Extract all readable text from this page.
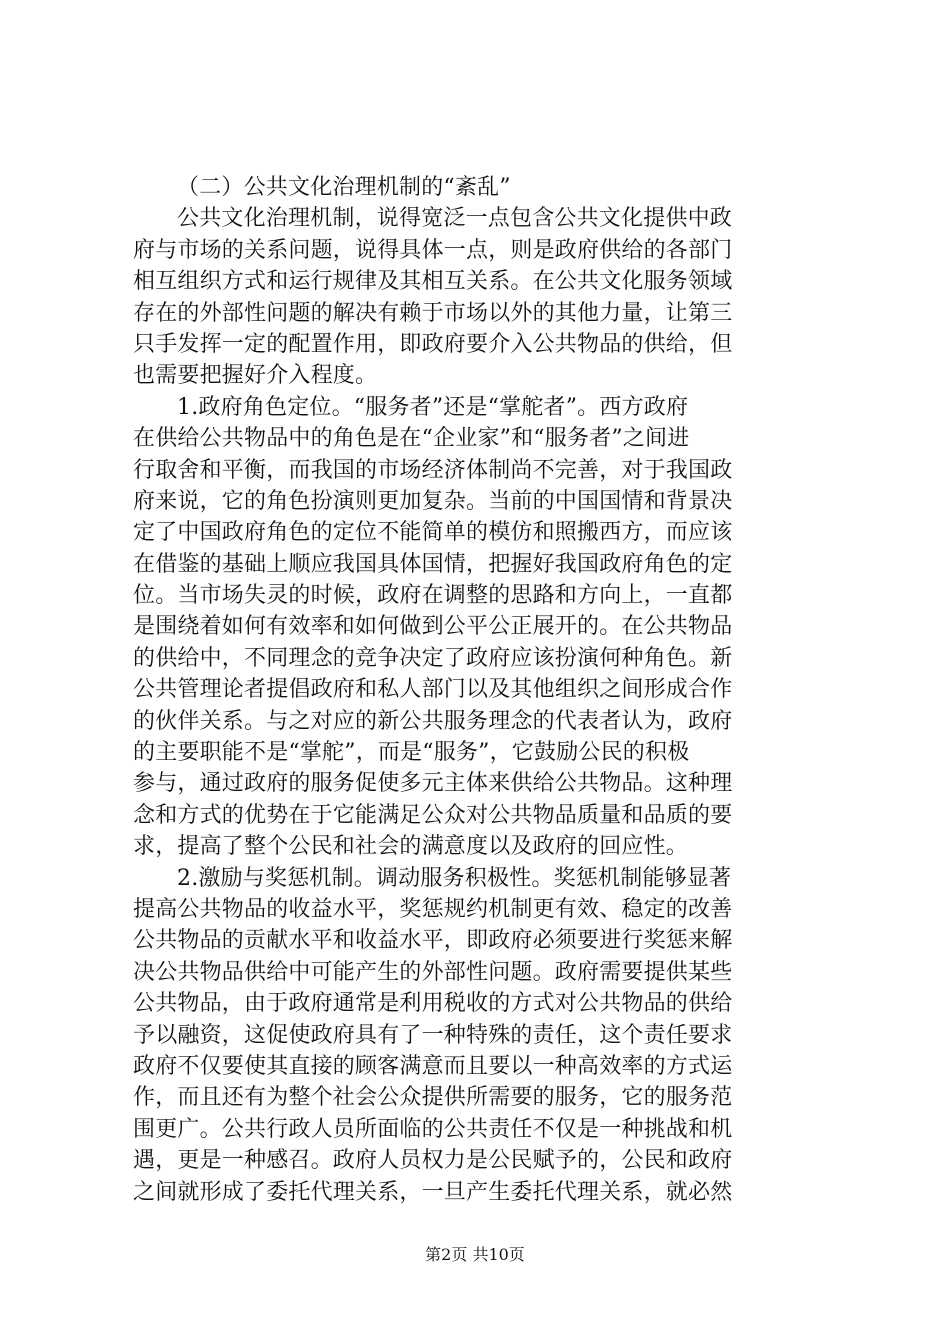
（二）公共文化治理机制的“紊乱”
公共文化治理机制，说得宽泛一点包含公共文化提供中政
府与市场的关系问题，说得具体一点，则是政府供给的各部门
相互组织方式和运行规律及其相互关系。在公共文化服务领域
存在的外部性问题的解决有赖于市场以外的其他力量，让第三
只手发挥一定的配置作用，即政府要介入公共物品的供给，但
也需要把握好介入程度。
1.政府角色定位。“服务者”还是“掌舵者”。西方政府
在供给公共物品中的角色是在“企业家”和“服务者”之间进
行取舍和平衡，而我国的市场经济体制尚不完善，对于我国政
府来说，它的角色扮演则更加复杂。当前的中国国情和背景决
定了中国政府角色的定位不能简单的模仿和照搬西方，而应该
在借鉴的基础上顺应我国具体国情，把握好我国政府角色的定
位。当市场失灵的时候，政府在调整的思路和方向上，一直都
是围绕着如何有效率和如何做到公平公正展开的。在公共物品
的供给中，不同理念的竞争决定了政府应该扮演何种角色。新
公共管理论者提倡政府和私人部门以及其他组织之间形成合作
的伙伴关系。与之对应的新公共服务理念的代表者认为，政府
的主要职能不是“掌舵”，而是“服务”，它鼓励公民的积极
参与，通过政府的服务促使多元主体来供给公共物品。这种理
念和方式的优势在于它能满足公众对公共物品质量和品质的要
求，提高了整个公民和社会的满意度以及政府的回应性。
2.激励与奖惩机制。调动服务积极性。奖惩机制能够显著
提高公共物品的收益水平，奖惩规约机制更有效、稳定的改善
公共物品的贡献水平和收益水平，即政府必须要进行奖惩来解
决公共物品供给中可能产生的外部性问题。政府需要提供某些
公共物品，由于政府通常是利用税收的方式对公共物品的供给
予以融资，这促使政府具有了一种特殊的责任，这个责任要求
政府不仅要使其直接的顾客满意而且要以一种高效率的方式运
作，而且还有为整个社会公众提供所需要的服务，它的服务范
围更广。公共行政人员所面临的公共责任不仅是一种挑战和机
遇，更是一种感召。政府人员权力是公民赋予的，公民和政府
之间就形成了委托代理关系，一旦产生委托代理关系，就必然
第2页 共10页
